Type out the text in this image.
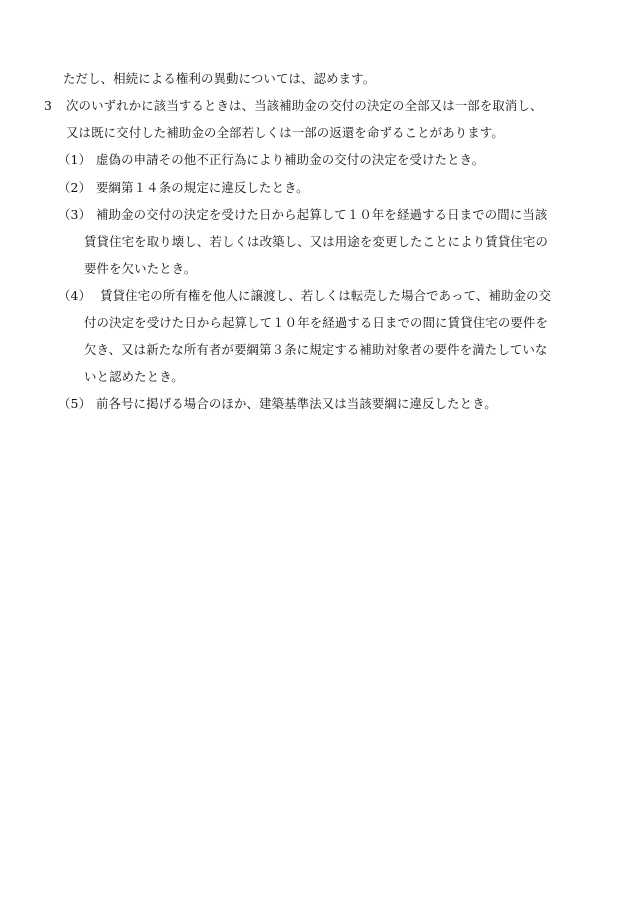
ただし、相続による権利の異動については、認めます。
3 次のいずれかに該当するときは、当該補助金の交付の決定の全部又は一部を取消し、
又は既に交付した補助金の全部若しくは一部の返還を命ずることがあります。
（1） 虚偽の申請その他不正行為により補助金の交付の決定を受けたとき。
（2） 要綱第１４条の規定に違反したとき。
（3） 補助金の交付の決定を受けた日から起算して１０年を経過する日までの間に当該
賃貸住宅を取り壊し、若しくは改築し、又は用途を変更したことにより賃貸住宅の
要件を欠いたとき。
（4） 賃貸住宅の所有権を他人に譲渡し、若しくは転売した場合であって、補助金の交
付の決定を受けた日から起算して１０年を経過する日までの間に賃貸住宅の要件を
欠き、又は新たな所有者が要綱第３条に規定する補助対象者の要件を満たしていな
いと認めたとき。
（5） 前各号に掲げる場合のほか、建築基準法又は当該要綱に違反したとき。
